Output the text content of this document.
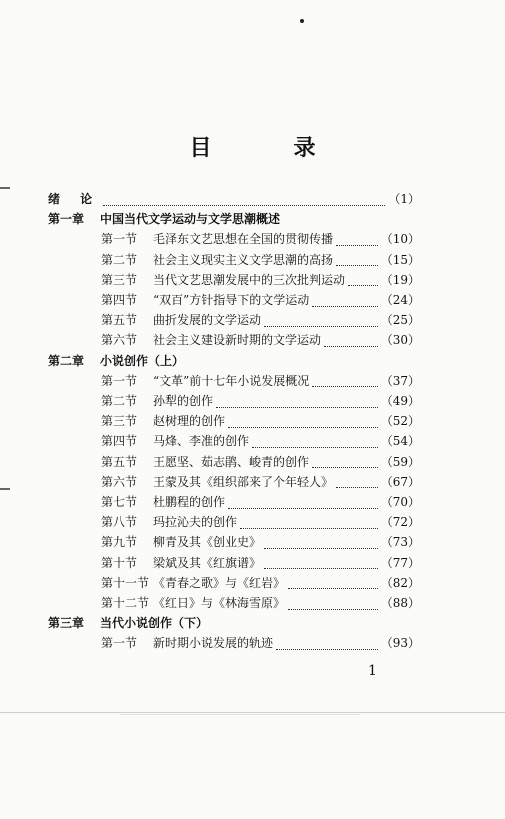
目　录
绪 论	（1）
第一章	中国当代文学运动与文学思潮概述
第一节	毛泽东文艺思想在全国的贯彻传播	（10）
第二节	社会主义现实主义文学思潮的高扬	（15）
第三节	当代文艺思潮发展中的三次批判运动	（19）
第四节	“双百”方针指导下的文学运动	（24）
第五节	曲折发展的文学运动	（25）
第六节	社会主义建设新时期的文学运动	（30）
第二章	小说创作（上）
第一节	“文革”前十七年小说发展概况	（37）
第二节	孙犁的创作	（49）
第三节	赵树理的创作	（52）
第四节	马烽、李准的创作	（54）
第五节	王愿坚、茹志鹃、峻青的创作	（59）
第六节	王蒙及其《组织部来了个年轻人》	（67）
第七节	杜鹏程的创作	（70）
第八节	玛拉沁夫的创作	（72）
第九节	柳青及其《创业史》	（73）
第十节	梁斌及其《红旗谱》	（77）
第十一节 《青春之歌》与《红岩》	（82）
第十二节 《红日》与《林海雪原》	（88）
第三章	当代小说创作（下）
第一节	新时期小说发展的轨迹	（93）
1
